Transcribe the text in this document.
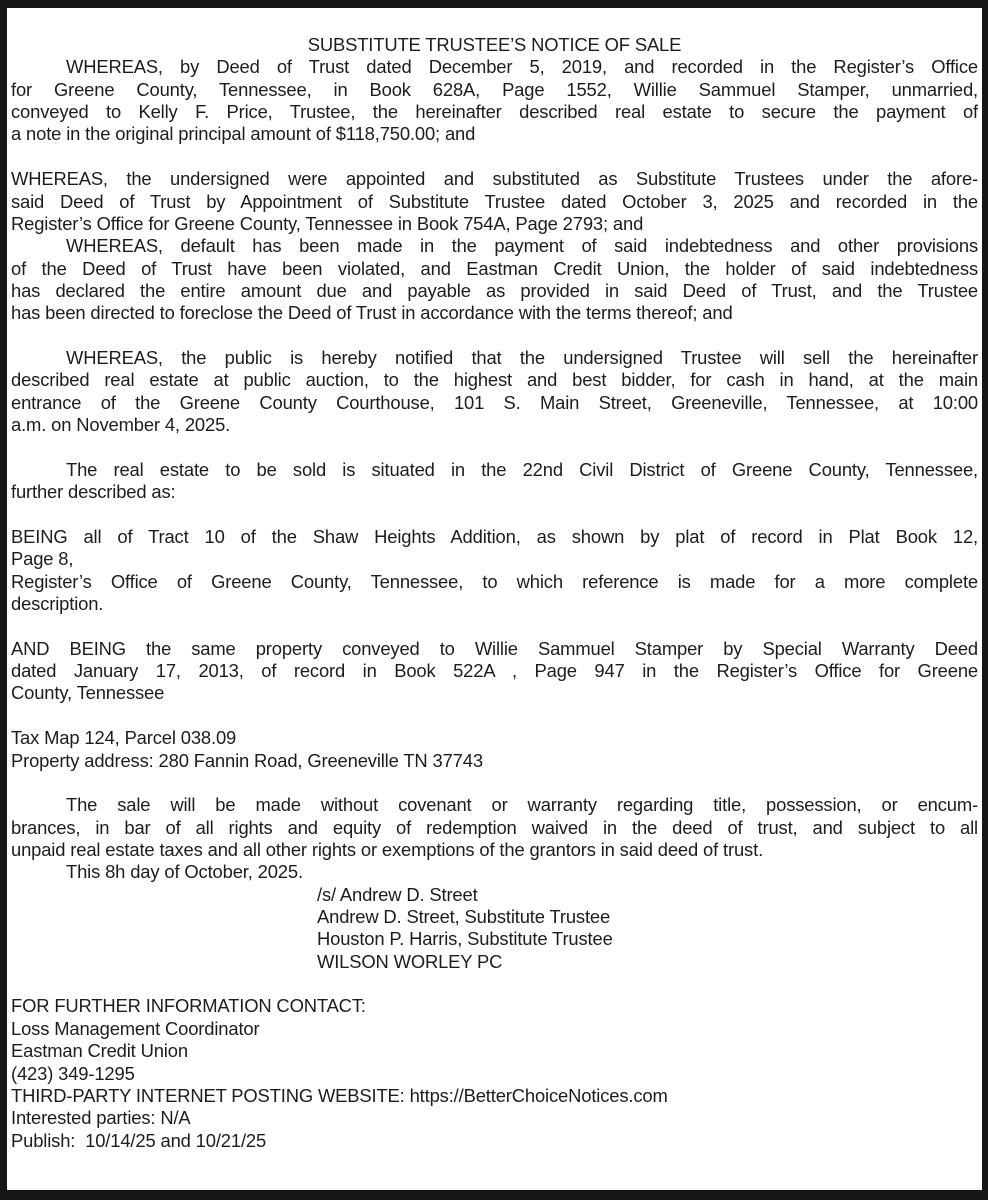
SUBSTITUTE TRUSTEE’S NOTICE OF SALE
WHEREAS, by Deed of Trust dated December 5, 2019, and recorded in the Register’s Office
for Greene County, Tennessee, in Book 628A, Page 1552, Willie Sammuel Stamper, unmarried,
conveyed to Kelly F. Price, Trustee, the hereinafter described real estate to secure the payment of
a note in the original principal amount of $118,750.00; and

WHEREAS, the undersigned were appointed and substituted as Substitute Trustees under the afore-
said Deed of Trust by Appointment of Substitute Trustee dated October 3, 2025 and recorded in the
Register’s Office for Greene County, Tennessee in Book 754A, Page 2793; and
WHEREAS, default has been made in the payment of said indebtedness and other provisions
of the Deed of Trust have been violated, and Eastman Credit Union, the holder of said indebtedness
has declared the entire amount due and payable as provided in said Deed of Trust, and the Trustee
has been directed to foreclose the Deed of Trust in accordance with the terms thereof; and

WHEREAS, the public is hereby notified that the undersigned Trustee will sell the hereinafter
described real estate at public auction, to the highest and best bidder, for cash in hand, at the main
entrance of the Greene County Courthouse, 101 S. Main Street, Greeneville, Tennessee, at 10:00
a.m. on November 4, 2025.

The real estate to be sold is situated in the 22nd Civil District of Greene County, Tennessee,
further described as:

BEING all of Tract 10 of the Shaw Heights Addition, as shown by plat of record in Plat Book 12,
Page 8,
Register’s Office of Greene County, Tennessee, to which reference is made for a more complete
description.

AND BEING the same property conveyed to Willie Sammuel Stamper by Special Warranty Deed
dated January 17, 2013, of record in Book 522A , Page 947 in the Register’s Office for Greene
County, Tennessee

Tax Map 124, Parcel 038.09
Property address: 280 Fannin Road, Greeneville TN 37743

The sale will be made without covenant or warranty regarding title, possession, or encum-
brances, in bar of all rights and equity of redemption waived in the deed of trust, and subject to all
unpaid real estate taxes and all other rights or exemptions of the grantors in said deed of trust.
This 8h day of October, 2025.
/s/ Andrew D. Street
Andrew D. Street, Substitute Trustee
Houston P. Harris, Substitute Trustee
WILSON WORLEY PC

FOR FURTHER INFORMATION CONTACT:
Loss Management Coordinator
Eastman Credit Union
(423) 349-1295
THIRD-PARTY INTERNET POSTING WEBSITE: https://BetterChoiceNotices.com
Interested parties: N/A
Publish:  10/14/25 and 10/21/25
